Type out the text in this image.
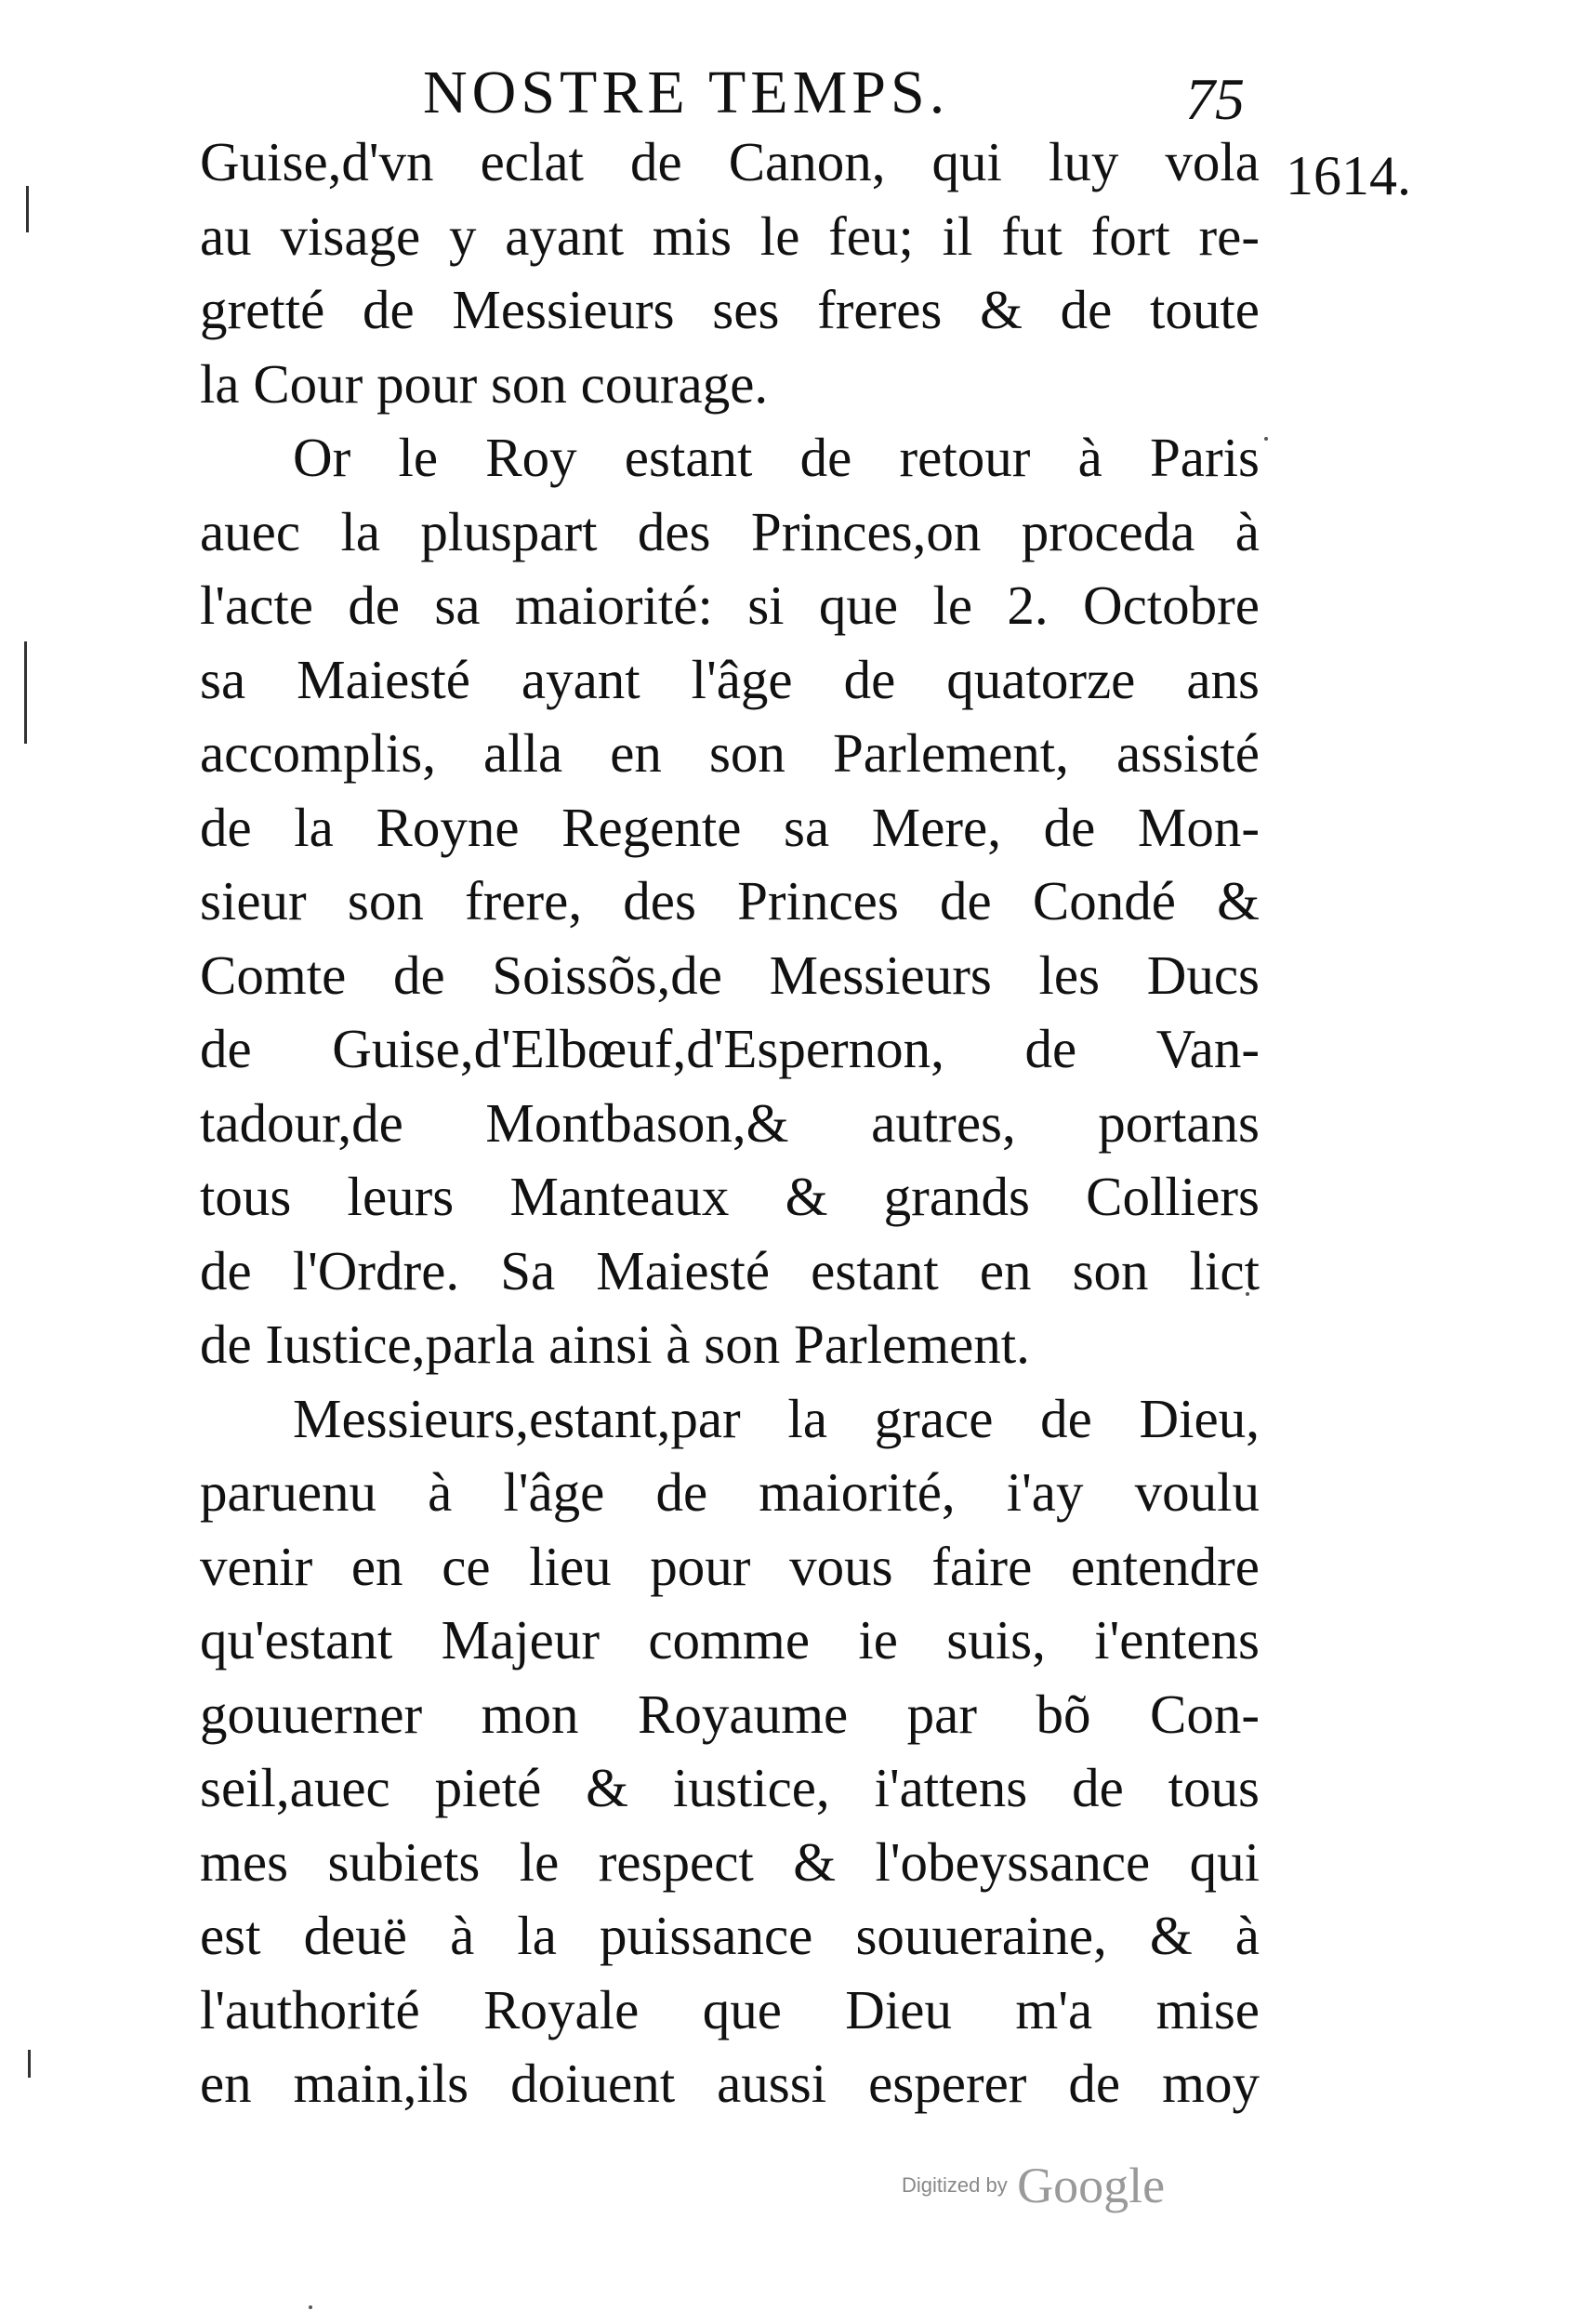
NOSTRE TEMPS.	75
1614.
Guise,d'vn eclat de Canon, qui luy vola
au visage y ayant mis le feu; il fut fort re-
gretté de Messieurs ses freres & de toute
la Cour pour son courage.
Or le Roy estant de retour à Paris
auec la pluspart des Princes,on proceda à
l'acte de sa maiorité: si que le 2. Octobre
sa Maiesté ayant l'âge de quatorze ans
accomplis, alla en son Parlement, assisté
de la Royne Regente sa Mere, de Mon-
sieur son frere, des Princes de Condé &
Comte de Soissõs,de Messieurs les Ducs
de Guise,d'Elbœuf,d'Espernon, de Van-
tadour,de Montbason,& autres, portans
tous leurs Manteaux & grands Colliers
de l'Ordre. Sa Maiesté estant en son lict
de Iustice,parla ainsi à son Parlement.
Messieurs,estant,par la grace de Dieu,
paruenu à l'âge de maiorité, i'ay voulu
venir en ce lieu pour vous faire entendre
qu'estant Majeur comme ie suis, i'entens
gouuerner mon Royaume par bõ Con-
seil,auec pieté & iustice, i'attens de tous
mes subiets le respect & l'obeyssance qui
est deuë à la puissance souueraine, & à
l'authorité Royale que Dieu m'a mise
en main,ils doiuent aussi esperer de moy
Digitized by Google
